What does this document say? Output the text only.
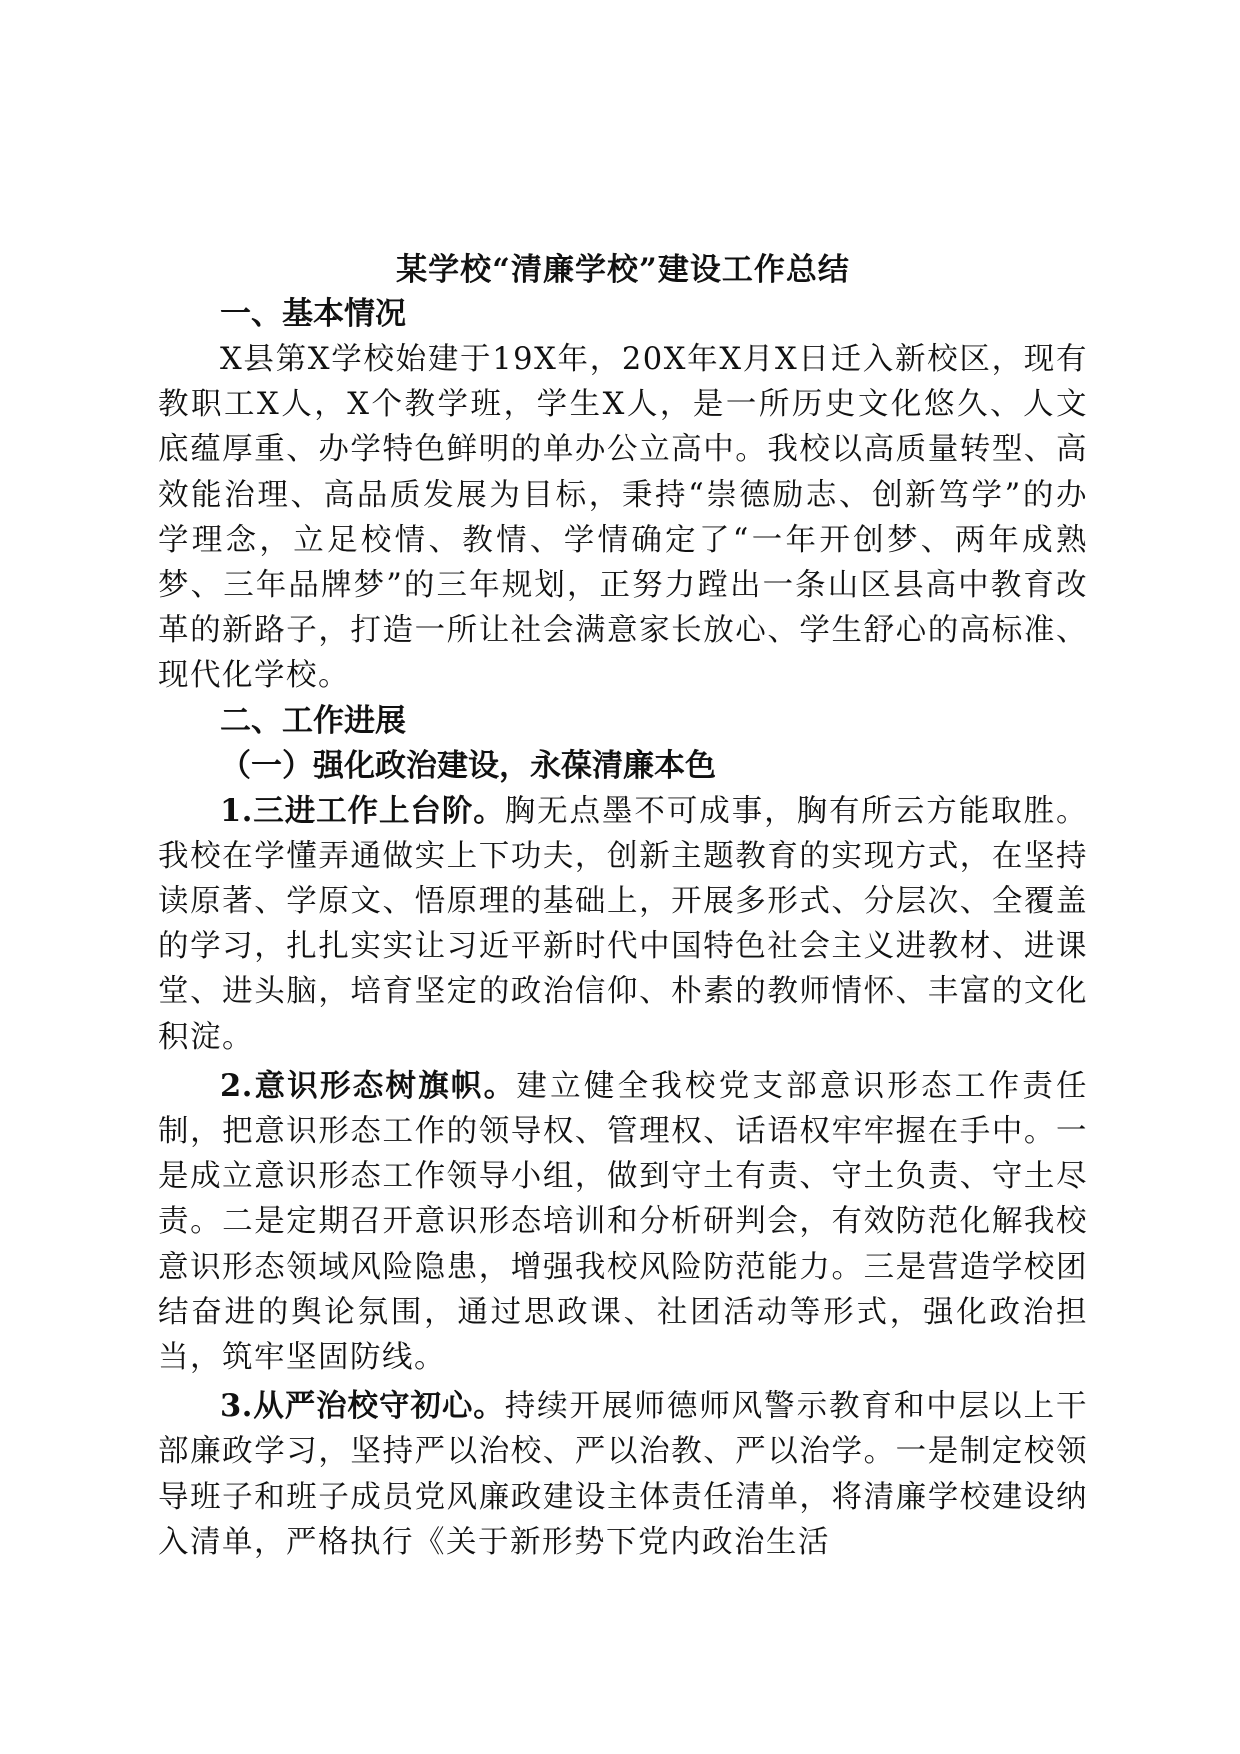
某学校“清廉学校”建设工作总结
一、基本情况

X县第X学校始建于19X年，20X年X月X日迁入新校区，现有教职工X人，X个教学班，学生X人，是一所历史文化悠久、人文底蕴厚重、办学特色鲜明的单办公立高中。我校以高质量转型、高效能治理、高品质发展为目标，秉持“崇德励志、创新笃学”的办学理念，立足校情、教情、学情确定了“一年开创梦、两年成熟梦、三年品牌梦”的三年规划，正努力蹚出一条山区县高中教育改革的新路子，打造一所让社会满意家长放心、学生舒心的高标准、现代化学校。

二、工作进展
（一）强化政治建设，永葆清廉本色

1.三进工作上台阶。胸无点墨不可成事，胸有所云方能取胜。我校在学懂弄通做实上下功夫，创新主题教育的实现方式，在坚持读原著、学原文、悟原理的基础上，开展多形式、分层次、全覆盖的学习，扎扎实实让习近平新时代中国特色社会主义进教材、进课堂、进头脑，培育坚定的政治信仰、朴素的教师情怀、丰富的文化积淀。

2.意识形态树旗帜。建立健全我校党支部意识形态工作责任制，把意识形态工作的领导权、管理权、话语权牢牢握在手中。一是成立意识形态工作领导小组，做到守土有责、守土负责、守土尽责。二是定期召开意识形态培训和分析研判会，有效防范化解我校意识形态领域风险隐患，增强我校风险防范能力。三是营造学校团结奋进的舆论氛围，通过思政课、社团活动等形式，强化政治担当，筑牢坚固防线。

3.从严治校守初心。持续开展师德师风警示教育和中层以上干部廉政学习，坚持严以治校、严以治教、严以治学。一是制定校领导班子和班子成员党风廉政建设主体责任清单，将清廉学校建设纳入清单，严格执行《关于新形势下党内政治生活
